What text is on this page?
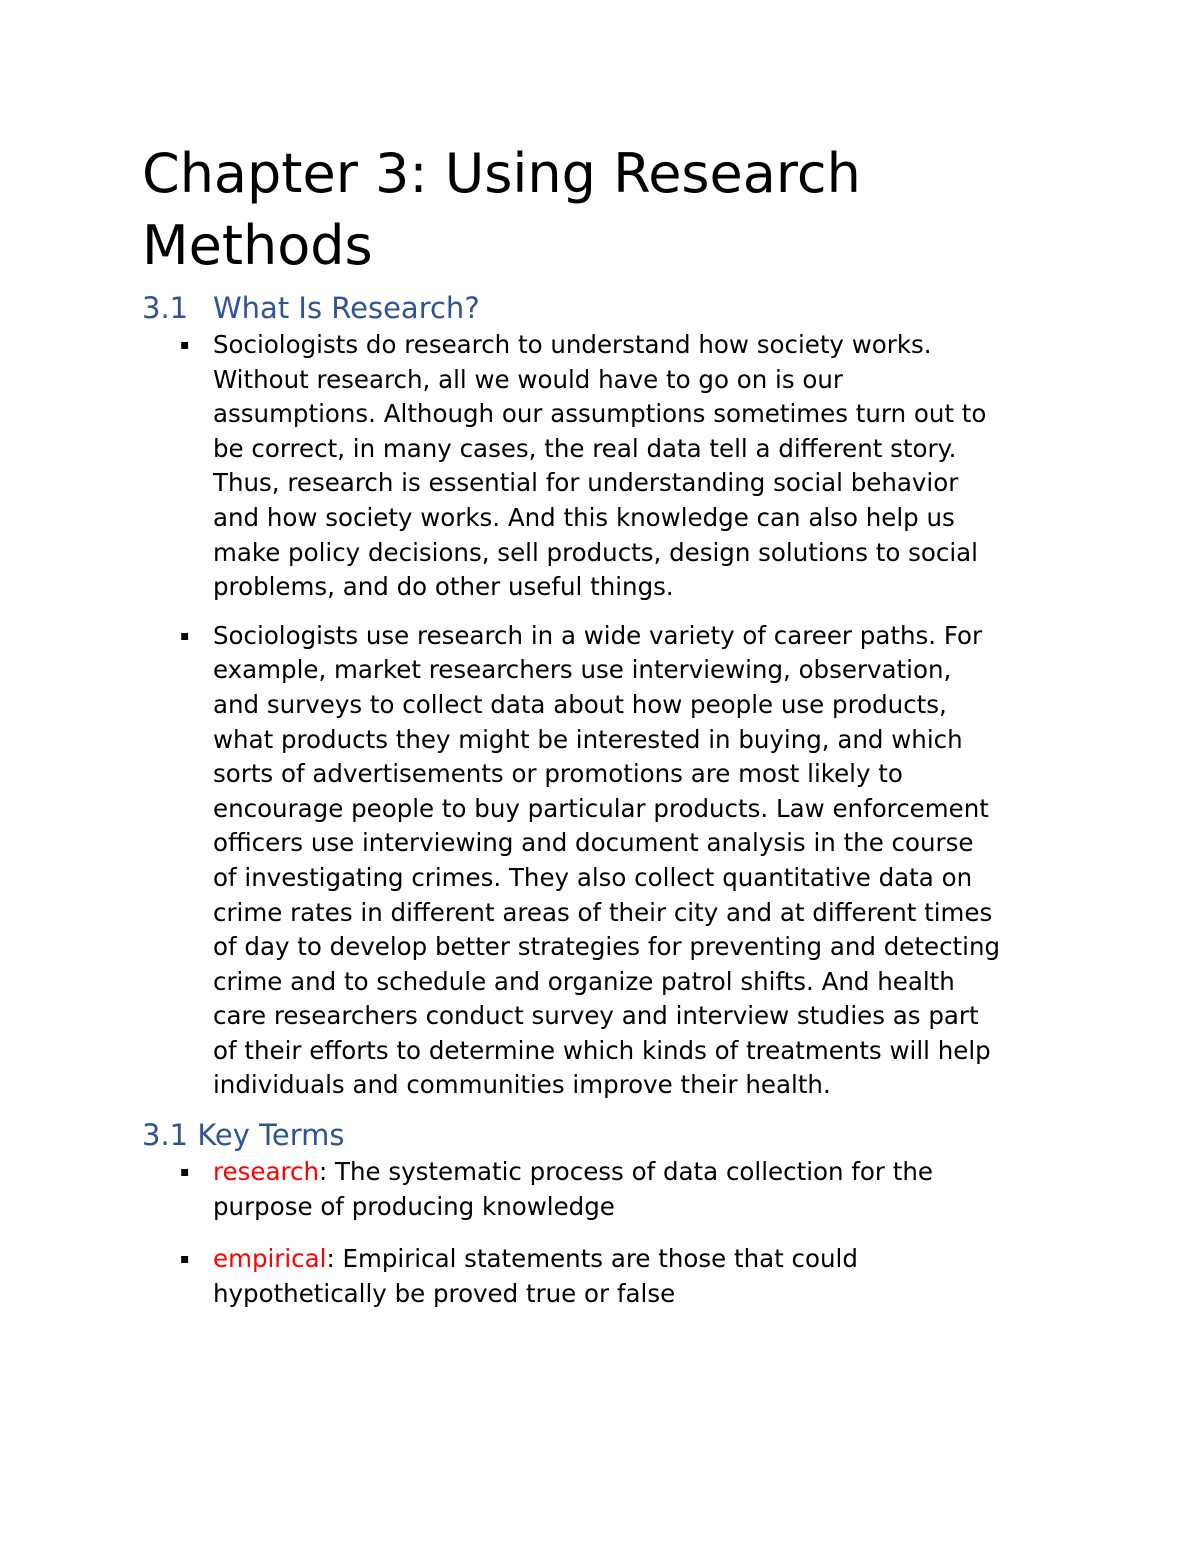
Chapter 3: Using Research Methods
3.1 What Is Research?
▪ Sociologists do research to understand how society works. Without research, all we would have to go on is our assumptions. Although our assumptions sometimes turn out to be correct, in many cases, the real data tell a different story. Thus, research is essential for understanding social behavior and how society works. And this knowledge can also help us make policy decisions, sell products, design solutions to social problems, and do other useful things.
▪ Sociologists use research in a wide variety of career paths. For example, market researchers use interviewing, observation, and surveys to collect data about how people use products, what products they might be interested in buying, and which sorts of advertisements or promotions are most likely to encourage people to buy particular products. Law enforcement officers use interviewing and document analysis in the course of investigating crimes. They also collect quantitative data on crime rates in different areas of their city and at different times of day to develop better strategies for preventing and detecting crime and to schedule and organize patrol shifts. And health care researchers conduct survey and interview studies as part of their efforts to determine which kinds of treatments will help individuals and communities improve their health.
3.1 Key Terms
▪ research: The systematic process of data collection for the purpose of producing knowledge
▪ empirical: Empirical statements are those that could hypothetically be proved true or false
